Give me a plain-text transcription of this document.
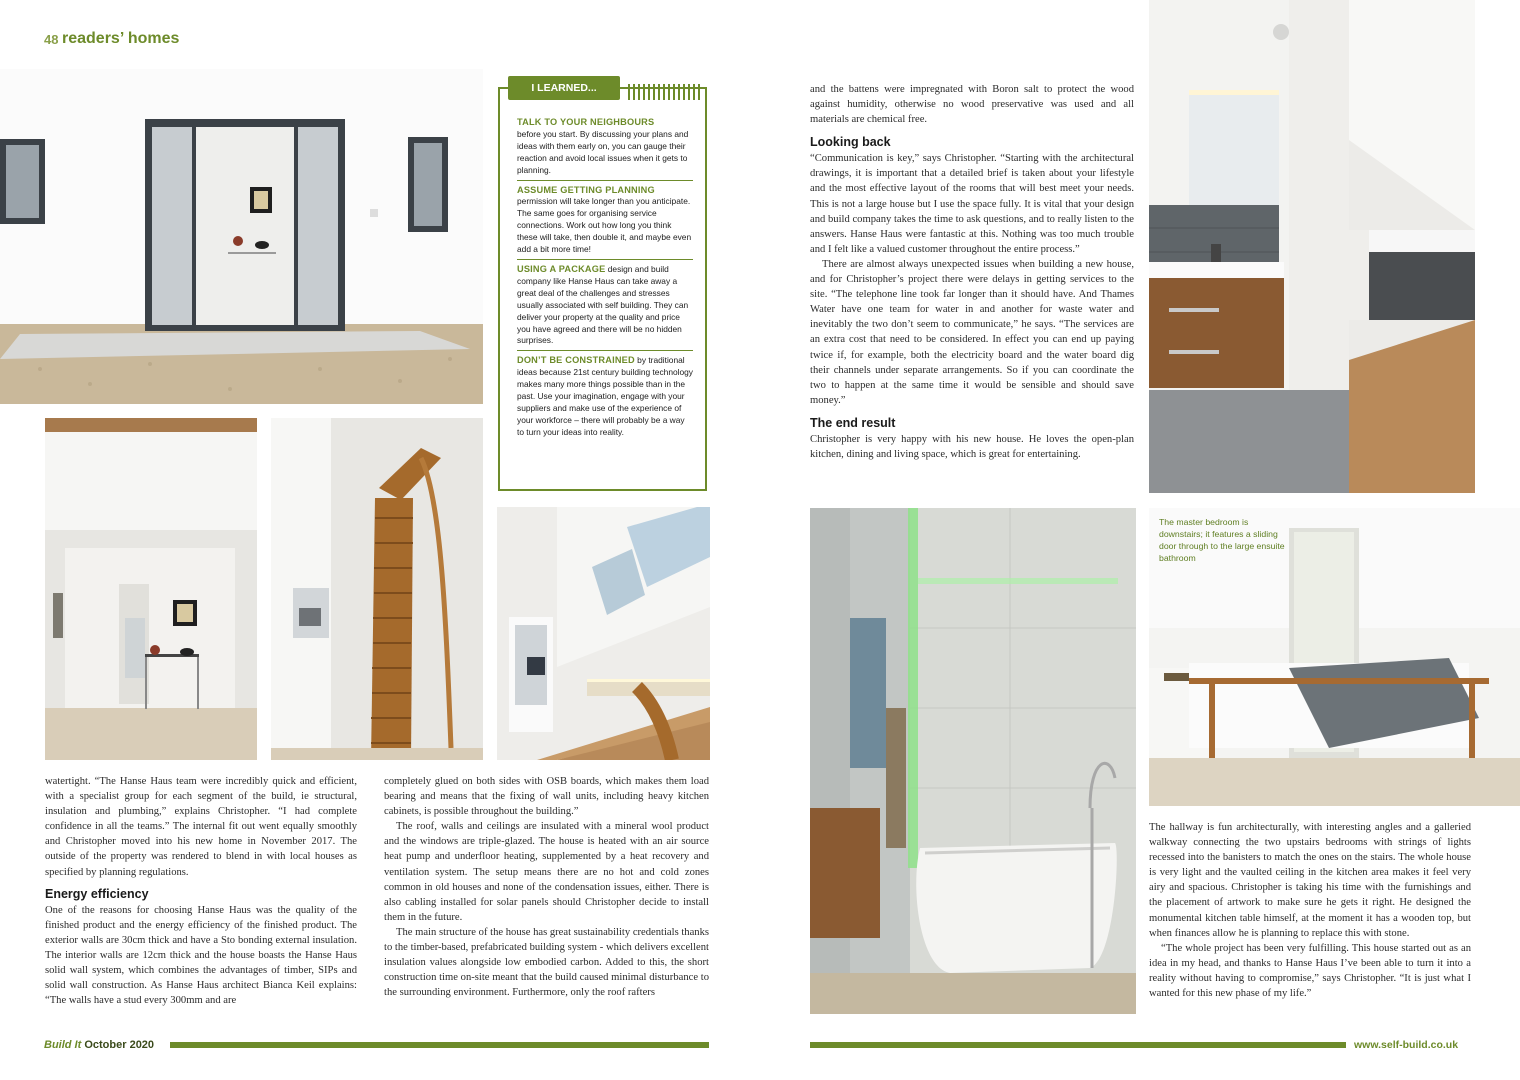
48 readers’ homes
I LEARNED...

TALK TO YOUR NEIGHBOURS
before you start. By discussing your plans and ideas with them early on, you can gauge their reaction and avoid local issues when it gets to planning.

ASSUME GETTING PLANNING
permission will take longer than you anticipate. The same goes for organising service connections. Work out how long you think these will take, then double it, and maybe even add a bit more time!

USING A PACKAGE design and build company like Hanse Haus can take away a great deal of the challenges and stresses usually associated with self building. They can deliver your property at the quality and price you have agreed and there will be no hidden surprises.

DON’T BE CONSTRAINED by traditional ideas because 21st century building technology makes many more things possible than in the past. Use your imagination, engage with your suppliers and make use of the experience of your workforce – there will probably be a way to turn your ideas into reality.

watertight. “The Hanse Haus team were incredibly quick and efficient, with a specialist group for each segment of the build, ie structural, insulation and plumbing,” explains Christopher. “I had complete confidence in all the teams.” The internal fit out went equally smoothly and Christopher moved into his new home in November 2017. The outside of the property was rendered to blend in with local houses as specified by planning regulations.

Energy efficiency

One of the reasons for choosing Hanse Haus was the quality of the finished product and the energy efficiency of the finished product. The exterior walls are 30cm thick and have a Sto bonding external insulation. The interior walls are 12cm thick and the house boasts the Hanse Haus solid wall system, which combines the advantages of timber, SIPs and solid wall construction. As Hanse Haus architect Bianca Keil explains: “The walls have a stud every 300mm and are

completely glued on both sides with OSB boards, which makes them load bearing and means that the fixing of wall units, including heavy kitchen cabinets, is possible throughout the building.”

The roof, walls and ceilings are insulated with a mineral wool product and the windows are triple-glazed. The house is heated with an air source heat pump and underfloor heating, supplemented by a heat recovery and ventilation system. The setup means there are no hot and cold zones common in old houses and none of the condensation issues, either. There is also cabling installed for solar panels should Christopher decide to install them in the future.

The main structure of the house has great sustainability credentials thanks to the timber-based, prefabricated building system - which delivers excellent insulation values alongside low embodied carbon. Added to this, the short construction time on-site meant that the build caused minimal disturbance to the surrounding environment. Furthermore, only the roof rafters

and the battens were impregnated with Boron salt to protect the wood against humidity, otherwise no wood preservative was used and all materials are chemical free.

Looking back

“Communication is key,” says Christopher. “Starting with the architectural drawings, it is important that a detailed brief is taken about your lifestyle and the most effective layout of the rooms that will best meet your needs. This is not a large house but I use the space fully. It is vital that your design and build company takes the time to ask questions, and to really listen to the answers. Hanse Haus were fantastic at this. Nothing was too much trouble and I felt like a valued customer throughout the entire process.”

There are almost always unexpected issues when building a new house, and for Christopher’s project there were delays in getting services to the site. “The telephone line took far longer than it should have. And Thames Water have one team for water in and another for waste water and inevitably the two don’t seem to communicate,” he says. “The services are an extra cost that need to be considered. In effect you can end up paying twice if, for example, both the electricity board and the water board dig their channels under separate arrangements. So if you can coordinate the two to happen at the same time it would be sensible and should save money.”

The end result

Christopher is very happy with his new house. He loves the open-plan kitchen, dining and living space, which is great for entertaining.

The master bedroom is downstairs; it features a sliding door through to the large ensuite bathroom

The hallway is fun architecturally, with interesting angles and a galleried walkway connecting the two upstairs bedrooms with strings of lights recessed into the banisters to match the ones on the stairs. The whole house is very light and the vaulted ceiling in the kitchen area makes it feel very airy and spacious. Christopher is taking his time with the furnishings and the placement of artwork to make sure he gets it right. He designed the monumental kitchen table himself, at the moment it has a wooden top, but when finances allow he is planning to replace this with stone.

“The whole project has been very fulfilling. This house started out as an idea in my head, and thanks to Hanse Haus I’ve been able to turn it into a reality without having to compromise,” says Christopher. “It is just what I wanted for this new phase of my life.”

Build It October 2020	www.self-build.co.uk
